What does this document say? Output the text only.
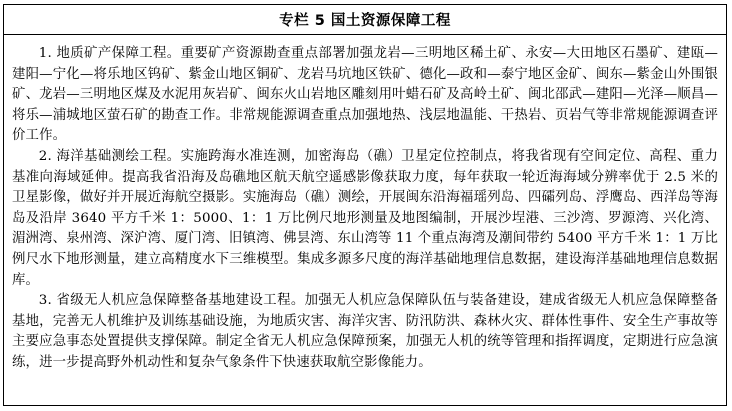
专栏 5 国土资源保障工程

1. 地质矿产保障工程。重要矿产资源勘查重点部署加强龙岩—三明地区稀土矿、永安—大田地区石墨矿、建瓯—建阳—宁化—将乐地区钨矿、紫金山地区铜矿、龙岩马坑地区铁矿、德化—政和—泰宁地区金矿、闽东—紫金山外围银矿、龙岩—三明地区煤及水泥用灰岩矿、闽东火山岩地区雕刻用叶蜡石矿及高岭土矿、闽北邵武—建阳—光泽—顺昌—将乐—浦城地区萤石矿的勘查工作。非常规能源调查重点加强地热、浅层地温能、干热岩、页岩气等非常规能源调查评价工作。

2. 海洋基础测绘工程。实施跨海水准连测，加密海岛（礁）卫星定位控制点，将我省现有空间定位、高程、重力基准向海域延伸。提高我省沿海及岛礁地区航天航空遥感影像获取力度，每年获取一轮近海海域分辨率优于 2.5 米的卫星影像，做好并开展近海航空摄影。实施海岛（礁）测绘，开展闽东沿海福瑶列岛、四礵列岛、浮鹰岛、西洋岛等海岛及沿岸 3640 平方千米 1：5000、1：1 万比例尺地形测量及地图编制，开展沙埕港、三沙湾、罗源湾、兴化湾、湄洲湾、泉州湾、深沪湾、厦门湾、旧镇湾、佛昙湾、东山湾等 11 个重点海湾及潮间带约 5400 平方千米 1：1 万比例尺水下地形测量，建立高精度水下三维模型。集成多源多尺度的海洋基础地理信息数据，建设海洋基础地理信息数据库。

3. 省级无人机应急保障整备基地建设工程。加强无人机应急保障队伍与装备建设，建成省级无人机应急保障整备基地，完善无人机维护及训练基础设施，为地质灾害、海洋灾害、防汛防洪、森林火灾、群体性事件、安全生产事故等主要应急事态处置提供支撑保障。制定全省无人机应急保障预案，加强无人机的统等管理和指挥调度，定期进行应急演练，进一步提高野外机动性和复杂气象条件下快速获取航空影像能力。
